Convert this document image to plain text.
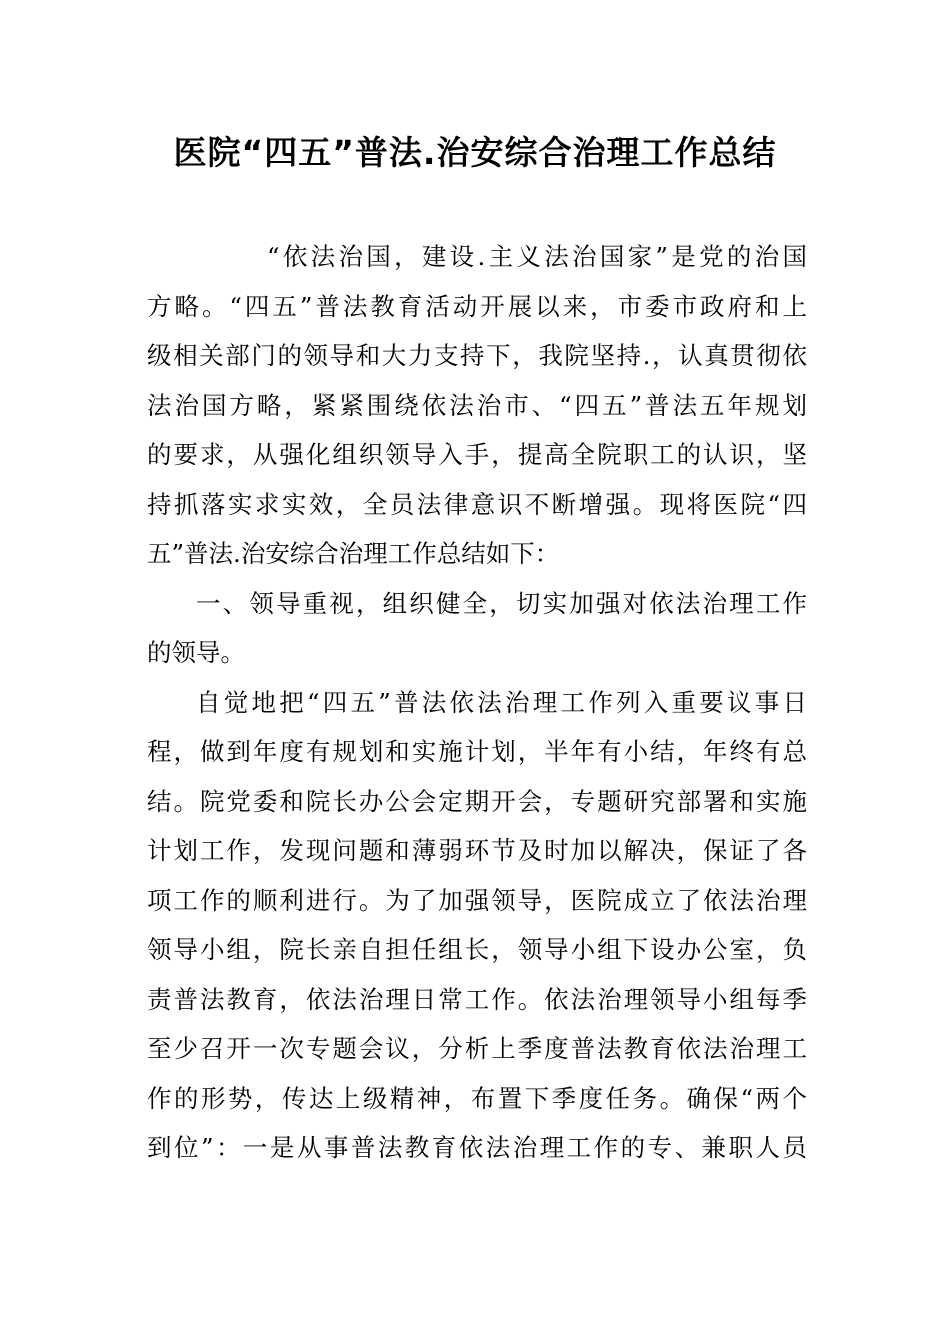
医院“四五”普法.治安综合治理工作总结
“依法治国，建设.主义法治国家”是党的治国
方略。“四五”普法教育活动开展以来，市委市政府和上
级相关部门的领导和大力支持下，我院坚持.，认真贯彻依
法治国方略，紧紧围绕依法治市、“四五”普法五年规划
的要求，从强化组织领导入手，提高全院职工的认识，坚
持抓落实求实效，全员法律意识不断增强。现将医院“四
五”普法.治安综合治理工作总结如下：
一、领导重视，组织健全，切实加强对依法治理工作
的领导。
自觉地把“四五”普法依法治理工作列入重要议事日
程，做到年度有规划和实施计划，半年有小结，年终有总
结。院党委和院长办公会定期开会，专题研究部署和实施
计划工作，发现问题和薄弱环节及时加以解决，保证了各
项工作的顺利进行。为了加强领导，医院成立了依法治理
领导小组，院长亲自担任组长，领导小组下设办公室，负
责普法教育，依法治理日常工作。依法治理领导小组每季
至少召开一次专题会议，分析上季度普法教育依法治理工
作的形势，传达上级精神，布置下季度任务。确保“两个
到位”：一是从事普法教育依法治理工作的专、兼职人员
